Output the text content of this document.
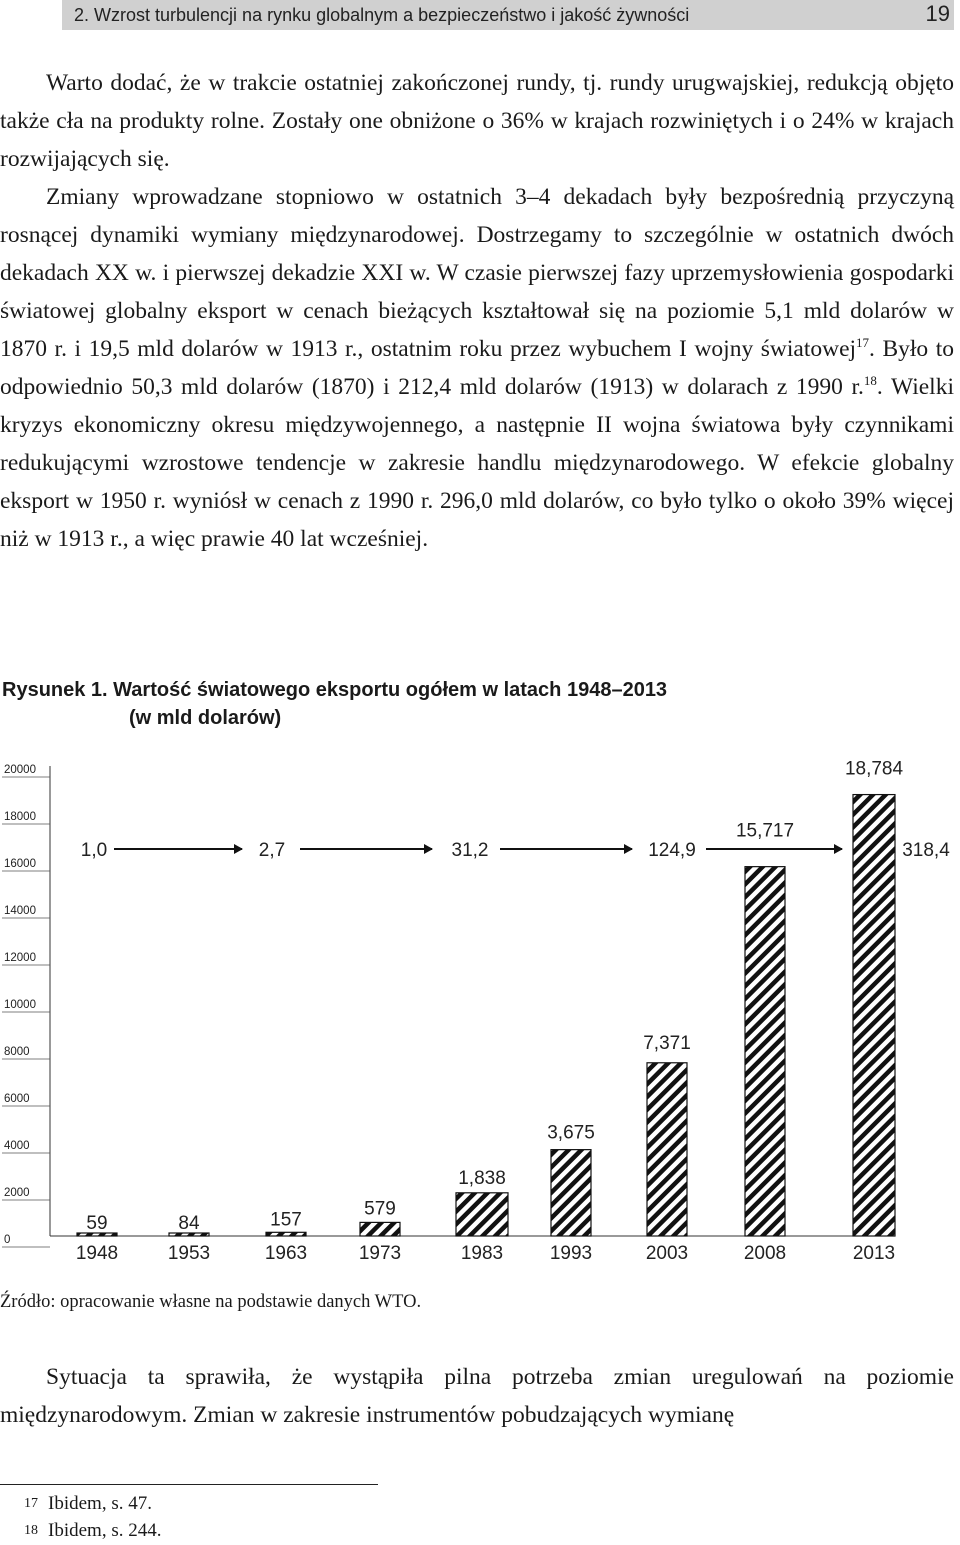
2. Wzrost turbulencji na rynku globalnym a bezpieczeństwo i jakość żywności	19

Warto dodać, że w trakcie ostatniej zakończonej rundy, tj. rundy urugwajskiej, redukcją objęto także cła na produkty rolne. Zostały one obniżone o 36% w krajach rozwiniętych i o 24% w krajach rozwijających się.

Zmiany wprowadzane stopniowo w ostatnich 3–4 dekadach były bezpośrednią przyczyną rosnącej dynamiki wymiany międzynarodowej. Dostrzegamy to szczególnie w ostatnich dwóch dekadach XX w. i pierwszej dekadzie XXI w. W czasie pierwszej fazy uprzemysłowienia gospodarki światowej globalny eksport w cenach bieżących kształtował się na poziomie 5,1 mld dolarów w 1870 r. i 19,5 mld dolarów w 1913 r., ostatnim roku przez wybuchem I wojny światowej$^{17}$. Było to odpowiednio 50,3 mld dolarów (1870) i 212,4 mld dolarów (1913) w dolarach z 1990 r.$^{18}$. Wielki kryzys ekonomiczny okresu międzywojennego, a następnie II wojna światowa były czynnikami redukującymi wzrostowe tendencje w zakresie handlu międzynarodowego. W efekcie globalny eksport w 1950 r. wyniósł w cenach z 1990 r. 296,0 mld dolarów, co było tylko o około 39% więcej niż w 1913 r., a więc prawie 40 lat wcześniej.

Rysunek 1. Wartość światowego eksportu ogółem w latach 1948–2013
(w mld dolarów)
0
2000
4000
6000
8000
10000
12000
14000
16000
18000
20000
59
1948
84
1953
157
1963
579
1973
1,838
1983
3,675
1993
7,371
2003
15,717
2008
18,784
2013
1,0	2,7	31,2	124,9	318,4
Źródło: opracowanie własne na podstawie danych WTO.

Sytuacja ta sprawiła, że wystąpiła pilna potrzeba zmian uregulowań na poziomie międzynarodowym. Zmian w zakresie instrumentów pobudzających wymianę

17 Ibidem, s. 47.
18 Ibidem, s. 244.
